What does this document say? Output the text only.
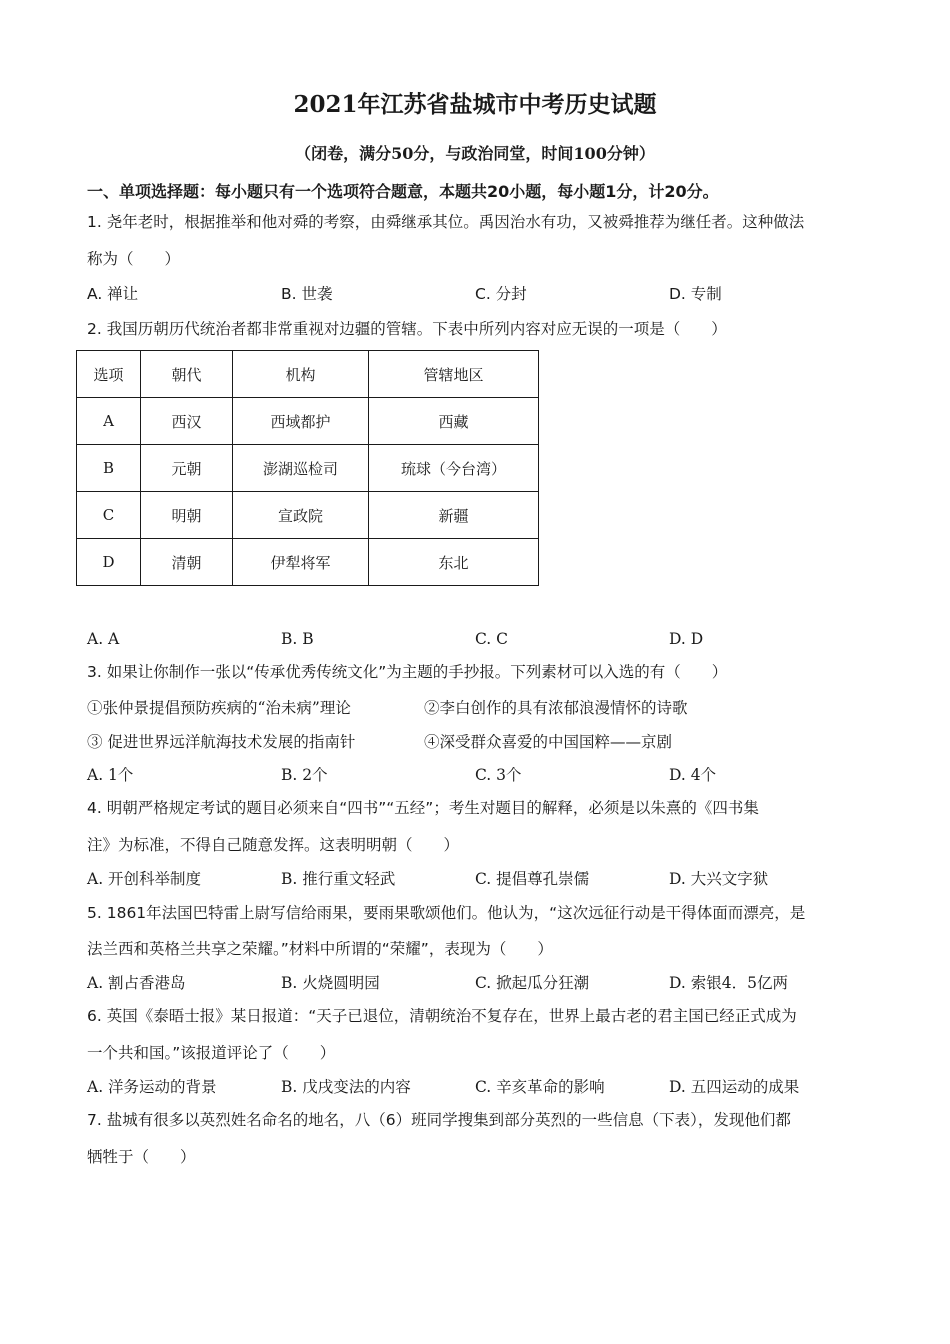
2021年江苏省盐城市中考历史试题
（闭卷，满分50分，与政治同堂，时间100分钟）
一、单项选择题：每小题只有一个选项符合题意，本题共20小题，每小题1分，计20分。
1. 尧年老时，根据推举和他对舜的考察，由舜继承其位。禹因治水有功，又被舜推荐为继任者。这种做法
称为（　　）
A. 禅让	B. 世袭	C. 分封	D. 专制
2. 我国历朝历代统治者都非常重视对边疆的管辖。下表中所列内容对应无误的一项是（　　）
选项	朝代	机构	管辖地区
A	西汉	西域都护	西藏
B	元朝	澎湖巡检司	琉球（今台湾）
C	明朝	宣政院	新疆
D	清朝	伊犁将军	东北
A. A	B. B	C. C	D. D
3. 如果让你制作一张以“传承优秀传统文化”为主题的手抄报。下列素材可以入选的有（　　）
①张仲景提倡预防疾病的“治未病”理论	②李白创作的具有浓郁浪漫情怀的诗歌
③ 促进世界远洋航海技术发展的指南针	④深受群众喜爱的中国国粹——京剧
A. 1个	B. 2个	C. 3个	D. 4个
4. 明朝严格规定考试的题目必须来自“四书”“五经”；考生对题目的解释，必须是以朱熹的《四书集
注》为标准，不得自己随意发挥。这表明明朝（　　）
A. 开创科举制度	B. 推行重文轻武	C. 提倡尊孔崇儒	D. 大兴文字狱
5. 1861年法国巴特雷上尉写信给雨果，要雨果歌颂他们。他认为，“这次远征行动是干得体面而漂亮，是
法兰西和英格兰共享之荣耀。”材料中所谓的“荣耀”，表现为（　　）
A. 割占香港岛	B. 火烧圆明园	C. 掀起瓜分狂潮	D. 索银4．5亿两
6. 英国《泰晤士报》某日报道：“天子已退位，清朝统治不复存在，世界上最古老的君主国已经正式成为
一个共和国。”该报道评论了（　　）
A. 洋务运动的背景	B. 戊戌变法的内容	C. 辛亥革命的影响	D. 五四运动的成果
7. 盐城有很多以英烈姓名命名的地名，八（6）班同学搜集到部分英烈的一些信息（下表），发现他们都
牺牲于（　　）
